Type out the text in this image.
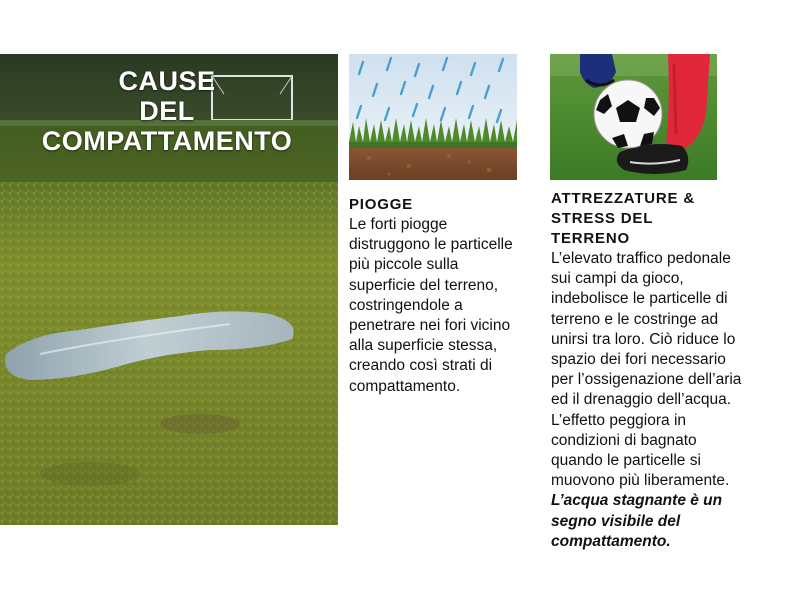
CAUSE
DEL
COMPATTAMENTO

PIOGGE

Le forti piogge

distruggono le particelle

più piccole sulla

superficie del terreno,

costringendole a

penetrare nei fori vicino

alla superficie stessa,

creando così strati di

compattamento.

ATTREZZATURE &

STRESS DEL

TERRENO

L’elevato traffico pedonale

sui campi da gioco,

indebolisce le particelle di

terreno e le costringe ad

unirsi tra loro. Ciò riduce lo

spazio dei fori necessario

per l’ossigenazione dell’aria

ed il drenaggio dell’acqua.

L’effetto peggiora in

condizioni di bagnato

quando le particelle si

muovono più liberamente.

L’acqua stagnante è un

segno visibile del

compattamento.
